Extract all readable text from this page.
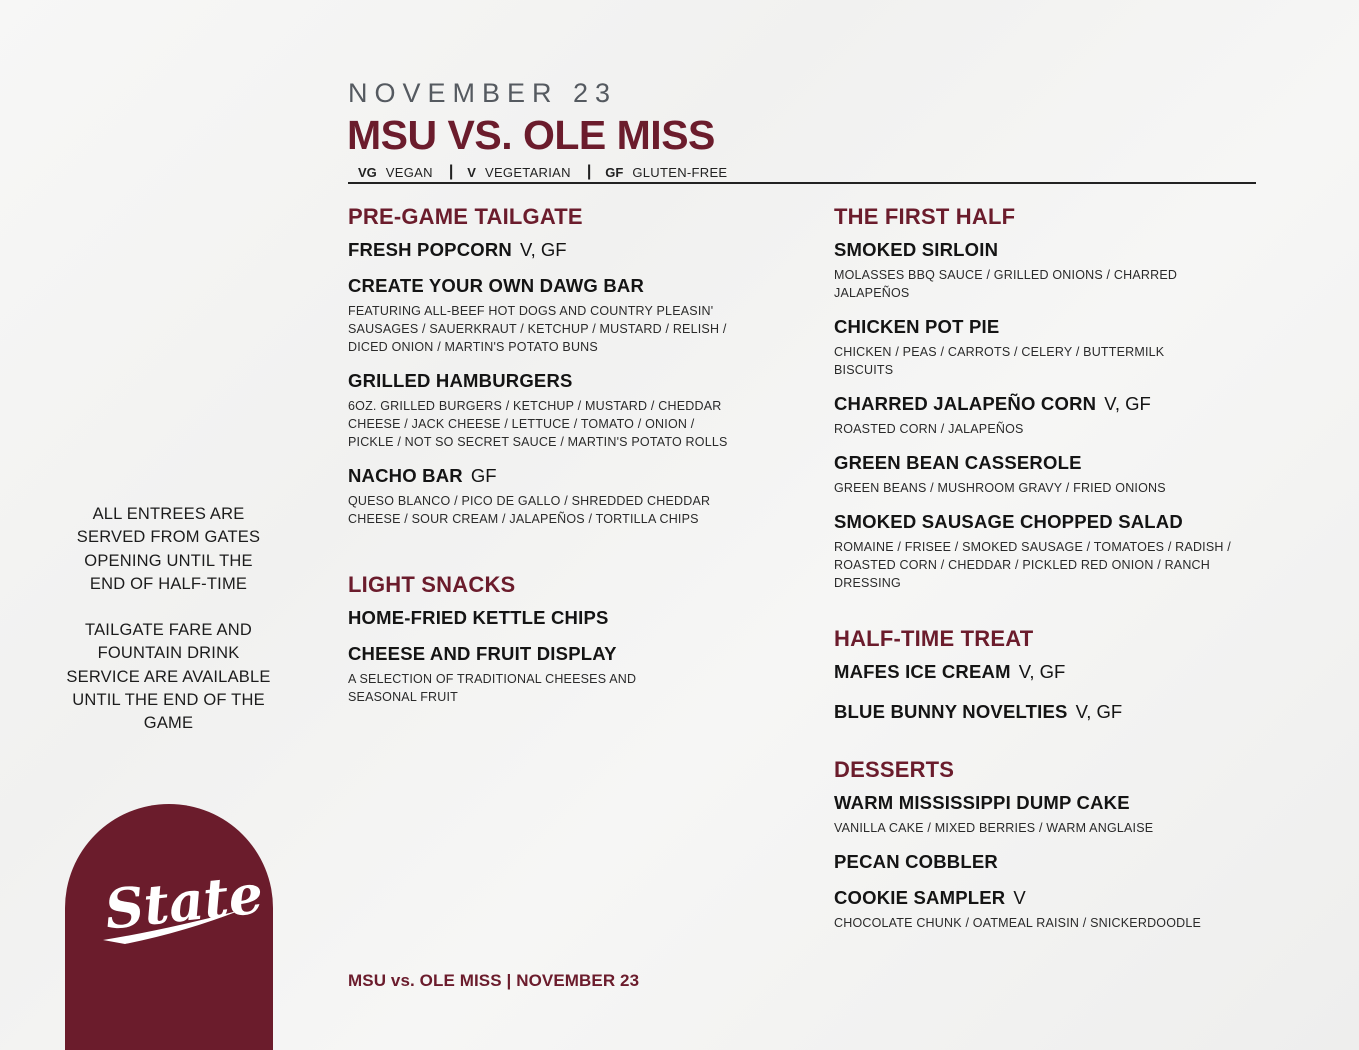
NOVEMBER 23
MSU VS. OLE MISS
VG VEGAN | V VEGETARIAN | GF GLUTEN-FREE
PRE-GAME TAILGATE
FRESH POPCORN V, GF
CREATE YOUR OWN DAWG BAR
FEATURING ALL-BEEF HOT DOGS AND COUNTRY PLEASIN' SAUSAGES / SAUERKRAUT / KETCHUP / MUSTARD / RELISH / DICED ONION / MARTIN'S POTATO BUNS
GRILLED HAMBURGERS
6OZ. GRILLED BURGERS / KETCHUP / MUSTARD / CHEDDAR CHEESE / JACK CHEESE / LETTUCE / TOMATO / ONION / PICKLE / NOT SO SECRET SAUCE / MARTIN'S POTATO ROLLS
NACHO BAR GF
QUESO BLANCO / PICO DE GALLO / SHREDDED CHEDDAR CHEESE / SOUR CREAM / JALAPEÑOS / TORTILLA CHIPS
LIGHT SNACKS
HOME-FRIED KETTLE CHIPS
CHEESE AND FRUIT DISPLAY
A SELECTION OF TRADITIONAL CHEESES AND SEASONAL FRUIT
THE FIRST HALF
SMOKED SIRLOIN
MOLASSES BBQ SAUCE / GRILLED ONIONS / CHARRED JALAPEÑOS
CHICKEN POT PIE
CHICKEN / PEAS / CARROTS / CELERY / BUTTERMILK BISCUITS
CHARRED JALAPEÑO CORN V, GF
ROASTED CORN / JALAPEÑOS
GREEN BEAN CASSEROLE
GREEN BEANS / MUSHROOM GRAVY / FRIED ONIONS
SMOKED SAUSAGE CHOPPED SALAD
ROMAINE / FRISEE / SMOKED SAUSAGE / TOMATOES / RADISH / ROASTED CORN / CHEDDAR / PICKLED RED ONION / RANCH DRESSING
HALF-TIME TREAT
MAFES ICE CREAM V, GF
BLUE BUNNY NOVELTIES V, GF
DESSERTS
WARM MISSISSIPPI DUMP CAKE
VANILLA CAKE / MIXED BERRIES / WARM ANGLAISE
PECAN COBBLER
COOKIE SAMPLER V
CHOCOLATE CHUNK / OATMEAL RAISIN / SNICKERDOODLE
ALL ENTREES ARE SERVED FROM GATES OPENING UNTIL THE END OF HALF-TIME
TAILGATE FARE AND FOUNTAIN DRINK SERVICE ARE AVAILABLE UNTIL THE END OF THE GAME
State
MSU vs. OLE MISS | NOVEMBER 23
